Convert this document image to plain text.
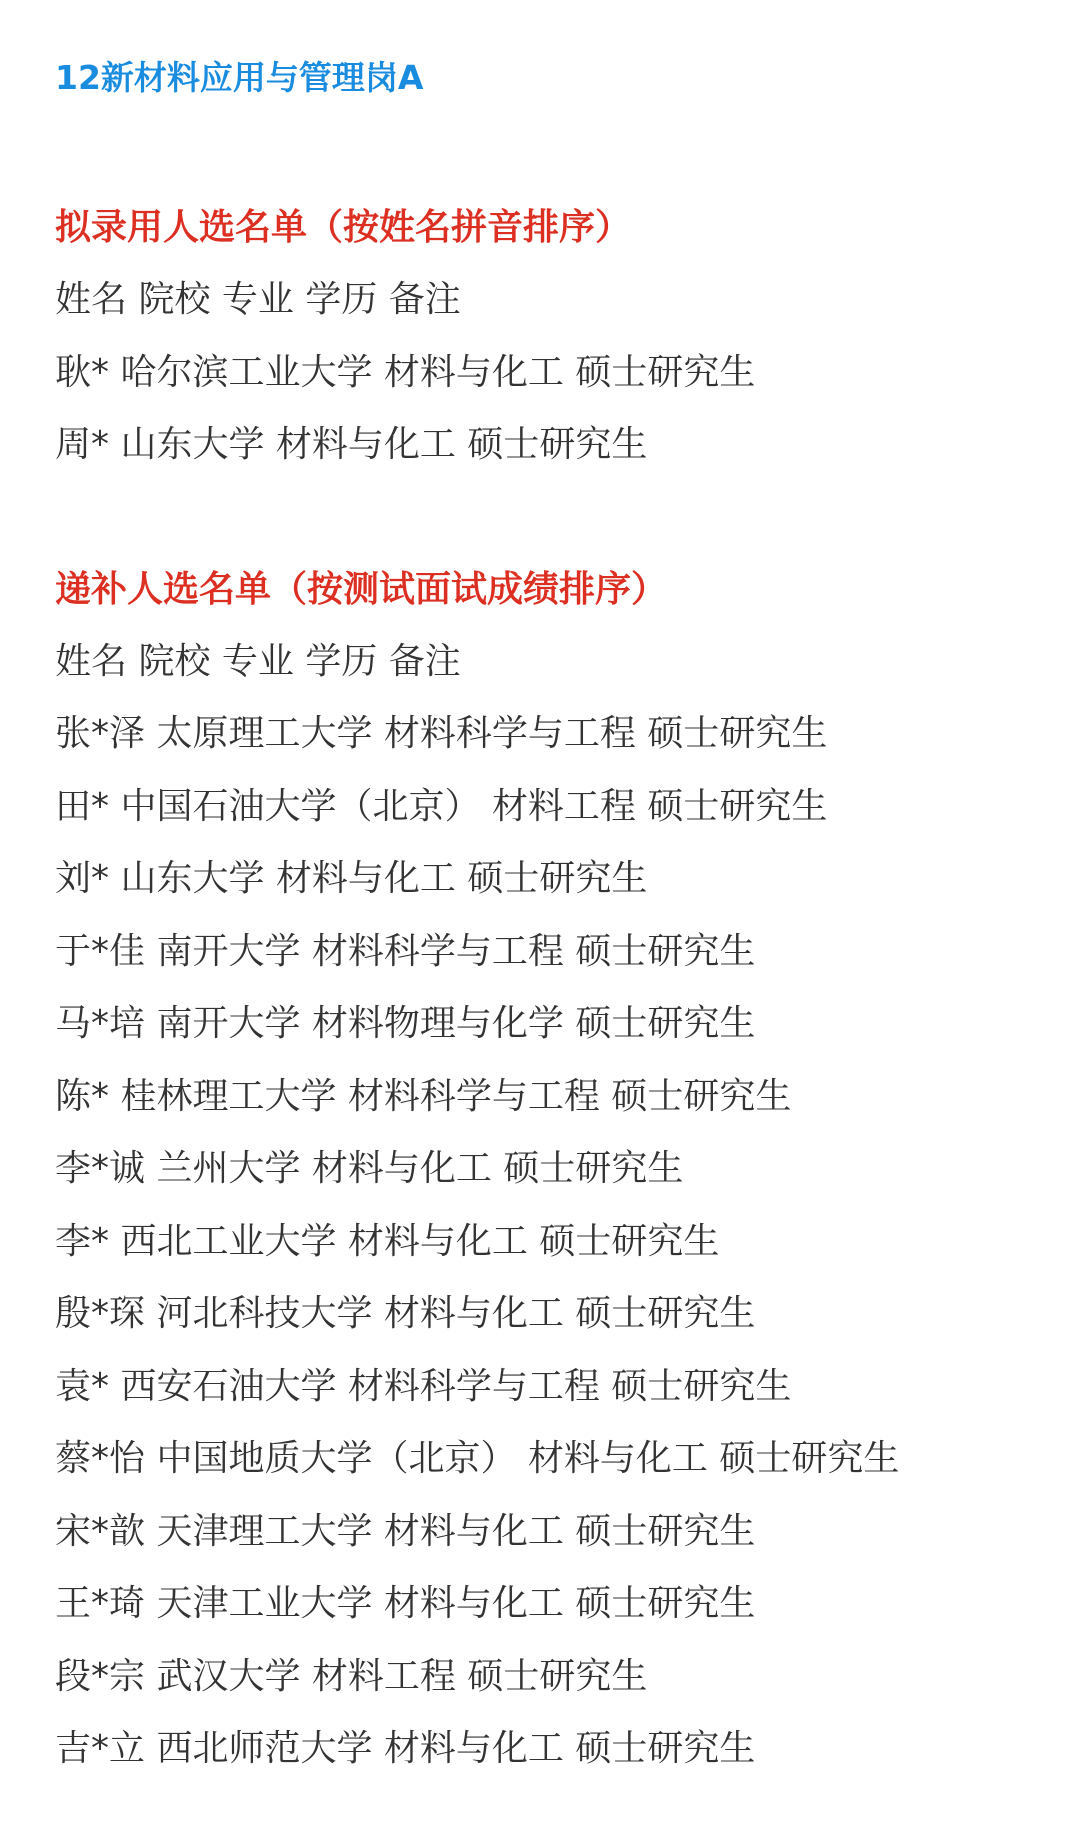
12新材料应用与管理岗A
拟录用人选名单（按姓名拼音排序）
姓名 院校 专业 学历 备注
耿* 哈尔滨工业大学 材料与化工 硕士研究生
周* 山东大学 材料与化工 硕士研究生
递补人选名单（按测试面试成绩排序）
姓名 院校 专业 学历 备注
张*泽 太原理工大学 材料科学与工程 硕士研究生
田* 中国石油大学（北京） 材料工程 硕士研究生
刘* 山东大学 材料与化工 硕士研究生
于*佳 南开大学 材料科学与工程 硕士研究生
马*培 南开大学 材料物理与化学 硕士研究生
陈* 桂林理工大学 材料科学与工程 硕士研究生
李*诚 兰州大学 材料与化工 硕士研究生
李* 西北工业大学 材料与化工 硕士研究生
殷*琛 河北科技大学 材料与化工 硕士研究生
袁* 西安石油大学 材料科学与工程 硕士研究生
蔡*怡 中国地质大学（北京） 材料与化工 硕士研究生
宋*歆 天津理工大学 材料与化工 硕士研究生
王*琦 天津工业大学 材料与化工 硕士研究生
段*宗 武汉大学 材料工程 硕士研究生
吉*立 西北师范大学 材料与化工 硕士研究生
